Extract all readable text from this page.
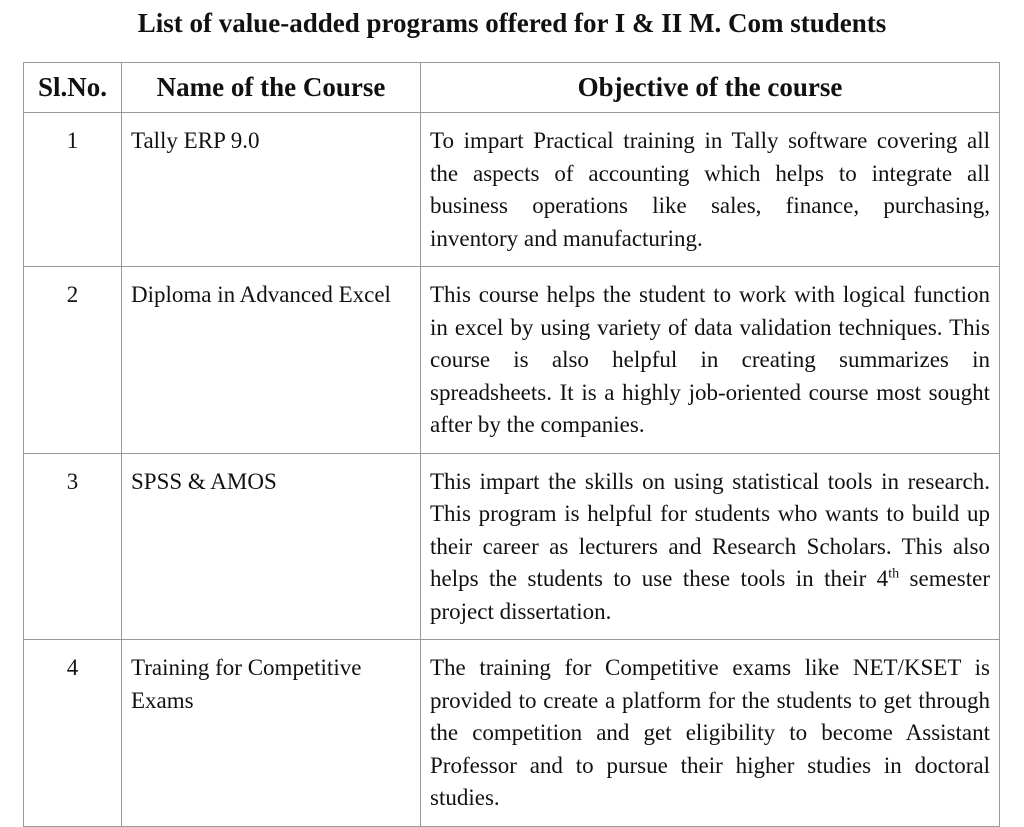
List of value-added programs offered for I & II M. Com students
Sl.No.	Name of the Course	Objective of the course
1	Tally ERP 9.0	To impart Practical training in Tally software covering all the aspects of accounting which helps to integrate all business operations like sales, finance, purchasing, inventory and manufacturing.
2	Diploma in Advanced Excel	This course helps the student to work with logical function in excel by using variety of data validation techniques. This course is also helpful in creating summarizes in spreadsheets. It is a highly job-oriented course most sought after by the companies.
3	SPSS & AMOS	This impart the skills on using statistical tools in research. This program is helpful for students who wants to build up their career as lecturers and Research Scholars. This also helps the students to use these tools in their 4th semester project dissertation.
4	Training for Competitive Exams	The training for Competitive exams like NET/KSET is provided to create a platform for the students to get through the competition and get eligibility to become Assistant Professor and to pursue their higher studies in doctoral studies.
